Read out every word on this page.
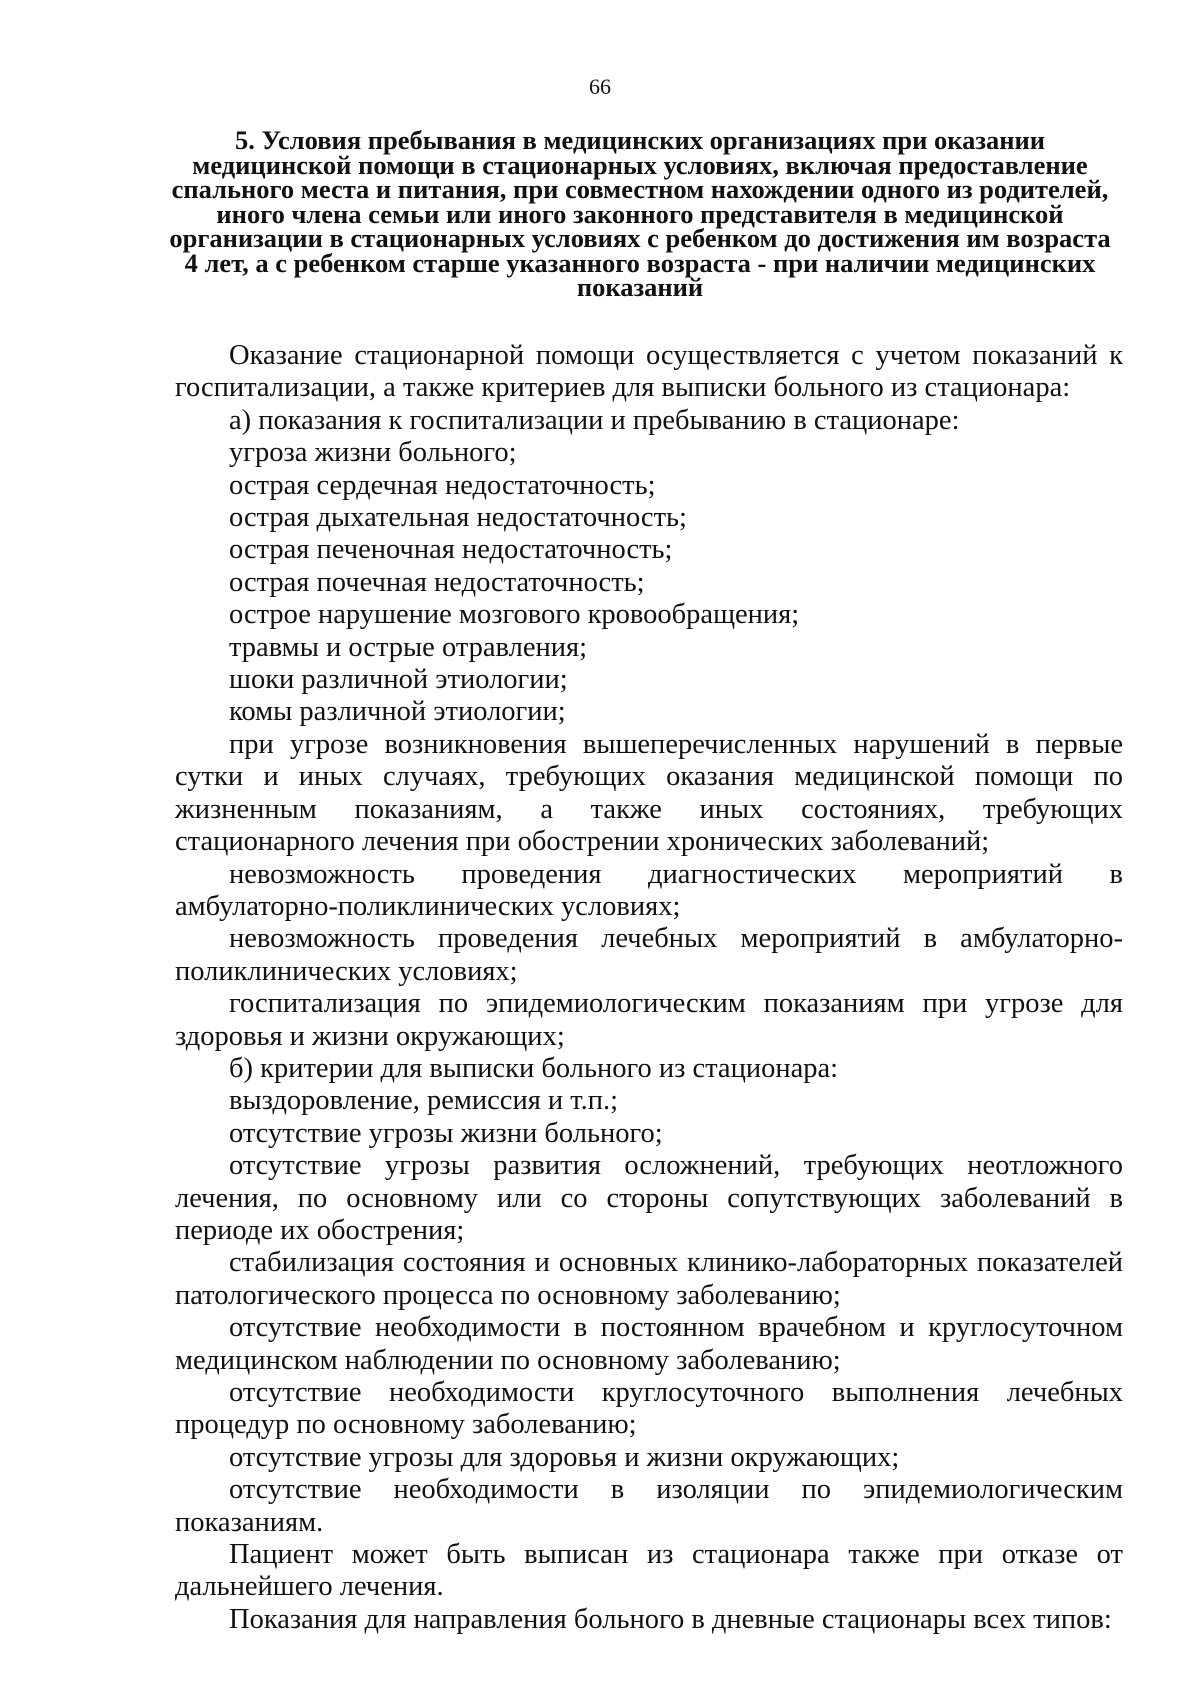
66
5. Условия пребывания в медицинских организациях при оказании медицинской помощи в стационарных условиях, включая предоставление спального места и питания, при совместном нахождении одного из родителей, иного члена семьи или иного законного представителя в медицинской организации в стационарных условиях с ребенком до достижения им возраста 4 лет, а с ребенком старше указанного возраста - при наличии медицинских показаний

Оказание стационарной помощи осуществляется с учетом показаний к госпитализации, а также критериев для выписки больного из стационара:

а) показания к госпитализации и пребыванию в стационаре:

угроза жизни больного;

острая сердечная недостаточность;

острая дыхательная недостаточность;

острая печеночная недостаточность;

острая почечная недостаточность;

острое нарушение мозгового кровообращения;

травмы и острые отравления;

шоки различной этиологии;

комы различной этиологии;

при угрозе возникновения вышеперечисленных нарушений в первые сутки и иных случаях, требующих оказания медицинской помощи по жизненным показаниям, а также иных состояниях, требующих стационарного лечения при обострении хронических заболеваний;

невозможность проведения диагностических мероприятий в амбулаторно-поликлинических условиях;

невозможность проведения лечебных мероприятий в амбулаторно-поликлинических условиях;

госпитализация по эпидемиологическим показаниям при угрозе для здоровья и жизни окружающих;

б) критерии для выписки больного из стационара:

выздоровление, ремиссия и т.п.;

отсутствие угрозы жизни больного;

отсутствие угрозы развития осложнений, требующих неотложного лечения, по основному или со стороны сопутствующих заболеваний в периоде их обострения;

стабилизация состояния и основных клинико-лабораторных показателей патологического процесса по основному заболеванию;

отсутствие необходимости в постоянном врачебном и круглосуточном медицинском наблюдении по основному заболеванию;

отсутствие необходимости круглосуточного выполнения лечебных процедур по основному заболеванию;

отсутствие угрозы для здоровья и жизни окружающих;

отсутствие необходимости в изоляции по эпидемиологическим показаниям.

Пациент может быть выписан из стационара также при отказе от дальнейшего лечения.

Показания для направления больного в дневные стационары всех типов:
